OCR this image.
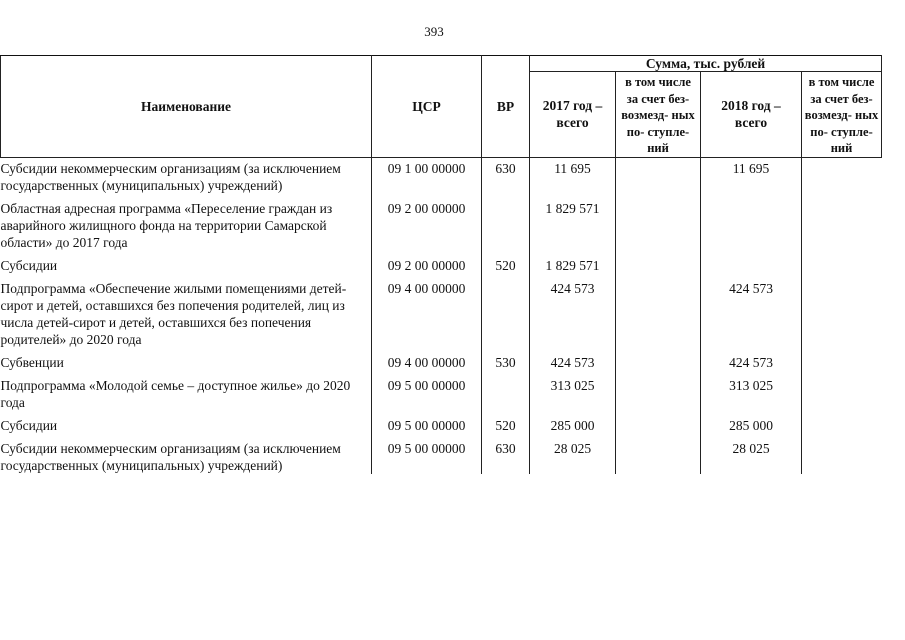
393
Наименование	ЦСР	ВР	Сумма, тыс. рублей			
			2017 год – всего	в том числе за счет без- возмезд- ных по- ступле- ний	2018 год – всего	в том числе за счет без- возмезд- ных по- ступле- ний
Субсидии некоммерческим организациям (за исключением государственных (муниципальных) учреждений)	09 1 00 00000	630	11 695		11 695	
Областная адресная программа «Переселение граждан из аварийного жилищного фонда на территории Самарской области» до 2017 года	09 2 00 00000		1 829 571			
Субсидии	09 2 00 00000	520	1 829 571			
Подпрограмма «Обеспечение жилыми помещениями детей-сирот и детей, оставшихся без попечения родителей, лиц из числа детей-сирот и детей, оставшихся без попечения родителей» до 2020 года	09 4 00 00000		424 573		424 573	
Субвенции	09 4 00 00000	530	424 573		424 573	
Подпрограмма «Молодой семье – доступное жилье» до 2020 года	09 5 00 00000		313 025		313 025	
Субсидии	09 5 00 00000	520	285 000		285 000	
Субсидии некоммерческим организациям (за исключением государственных (муниципальных) учреждений)	09 5 00 00000	630	28 025		28 025	
